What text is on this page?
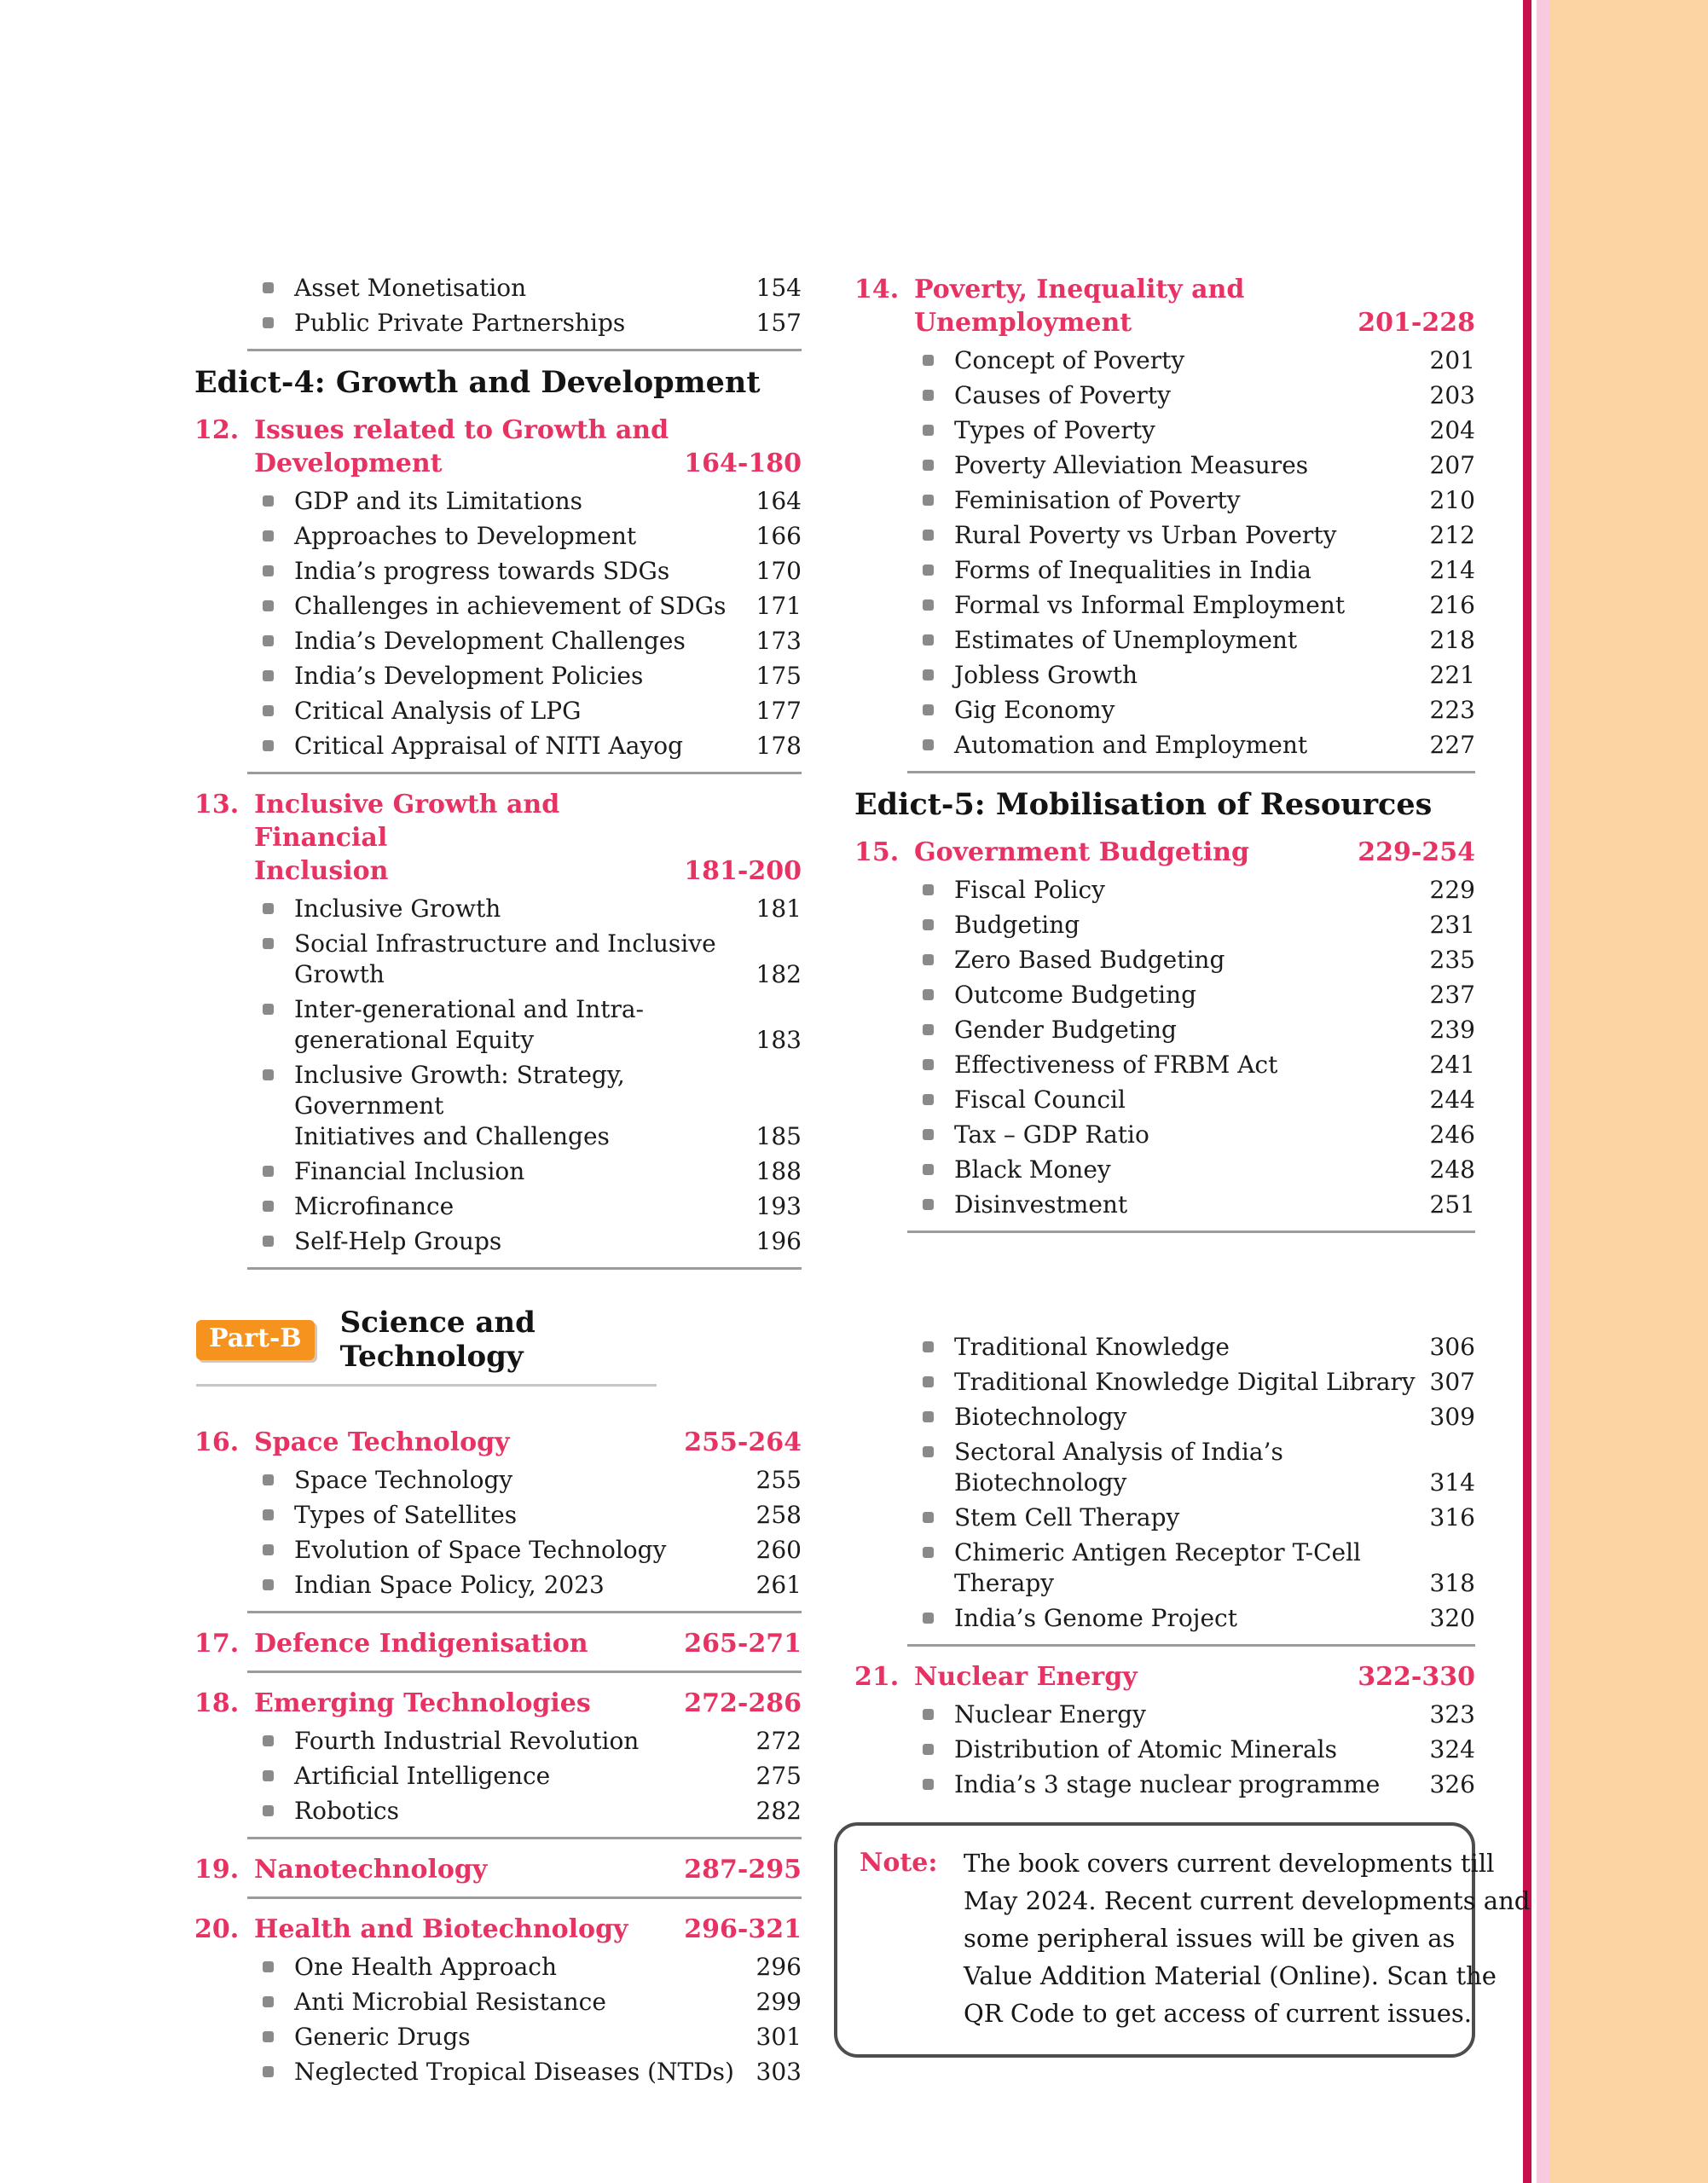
Asset Monetisation	154
Public Private Partnerships	157
Edict-4: Growth and Development
12. Issues related to Growth and
Development	164-180
GDP and its Limitations	164
Approaches to Development	166
India’s progress towards SDGs	170
Challenges in achievement of SDGs	171
India’s Development Challenges	173
India’s Development Policies	175
Critical Analysis of LPG	177
Critical Appraisal of NITI Aayog	178
13. Inclusive Growth and Financial
Inclusion	181-200
Inclusive Growth	181
Social Infrastructure and Inclusive
Growth	182
Inter-generational and Intra-
generational Equity	183
Inclusive Growth: Strategy, Government
Initiatives and Challenges	185
Financial Inclusion	188
Microfinance	193
Self-Help Groups	196
Part-B	Science and Technology
16. Space Technology	255-264
Space Technology	255
Types of Satellites	258
Evolution of Space Technology	260
Indian Space Policy, 2023	261
17. Defence Indigenisation	265-271
18. Emerging Technologies	272-286
Fourth Industrial Revolution	272
Artificial Intelligence	275
Robotics	282
19. Nanotechnology	287-295
20. Health and Biotechnology	296-321
One Health Approach	296
Anti Microbial Resistance	299
Generic Drugs	301
Neglected Tropical Diseases (NTDs) 303
14. Poverty, Inequality and
Unemployment	201-228
Concept of Poverty	201
Causes of Poverty	203
Types of Poverty	204
Poverty Alleviation Measures	207
Feminisation of Poverty	210
Rural Poverty vs Urban Poverty	212
Forms of Inequalities in India	214
Formal vs Informal Employment	216
Estimates of Unemployment	218
Jobless Growth	221
Gig Economy	223
Automation and Employment	227
Edict-5: Mobilisation of Resources
15. Government Budgeting	229-254
Fiscal Policy	229
Budgeting	231
Zero Based Budgeting	235
Outcome Budgeting	237
Gender Budgeting	239
Effectiveness of FRBM Act	241
Fiscal Council	244
Tax – GDP Ratio	246
Black Money	248
Disinvestment	251
Traditional Knowledge	306
Traditional Knowledge Digital Library 307
Biotechnology	309
Sectoral Analysis of India’s
Biotechnology	314
Stem Cell Therapy	316
Chimeric Antigen Receptor T-Cell
Therapy	318
India’s Genome Project	320
21. Nuclear Energy	322-330
Nuclear Energy	323
Distribution of Atomic Minerals	324
India’s 3 stage nuclear programme	326
Note:	The book covers current developments till
May 2024. Recent current developments and
some peripheral issues will be given as
Value Addition Material (Online). Scan the
QR Code to get access of current issues.
